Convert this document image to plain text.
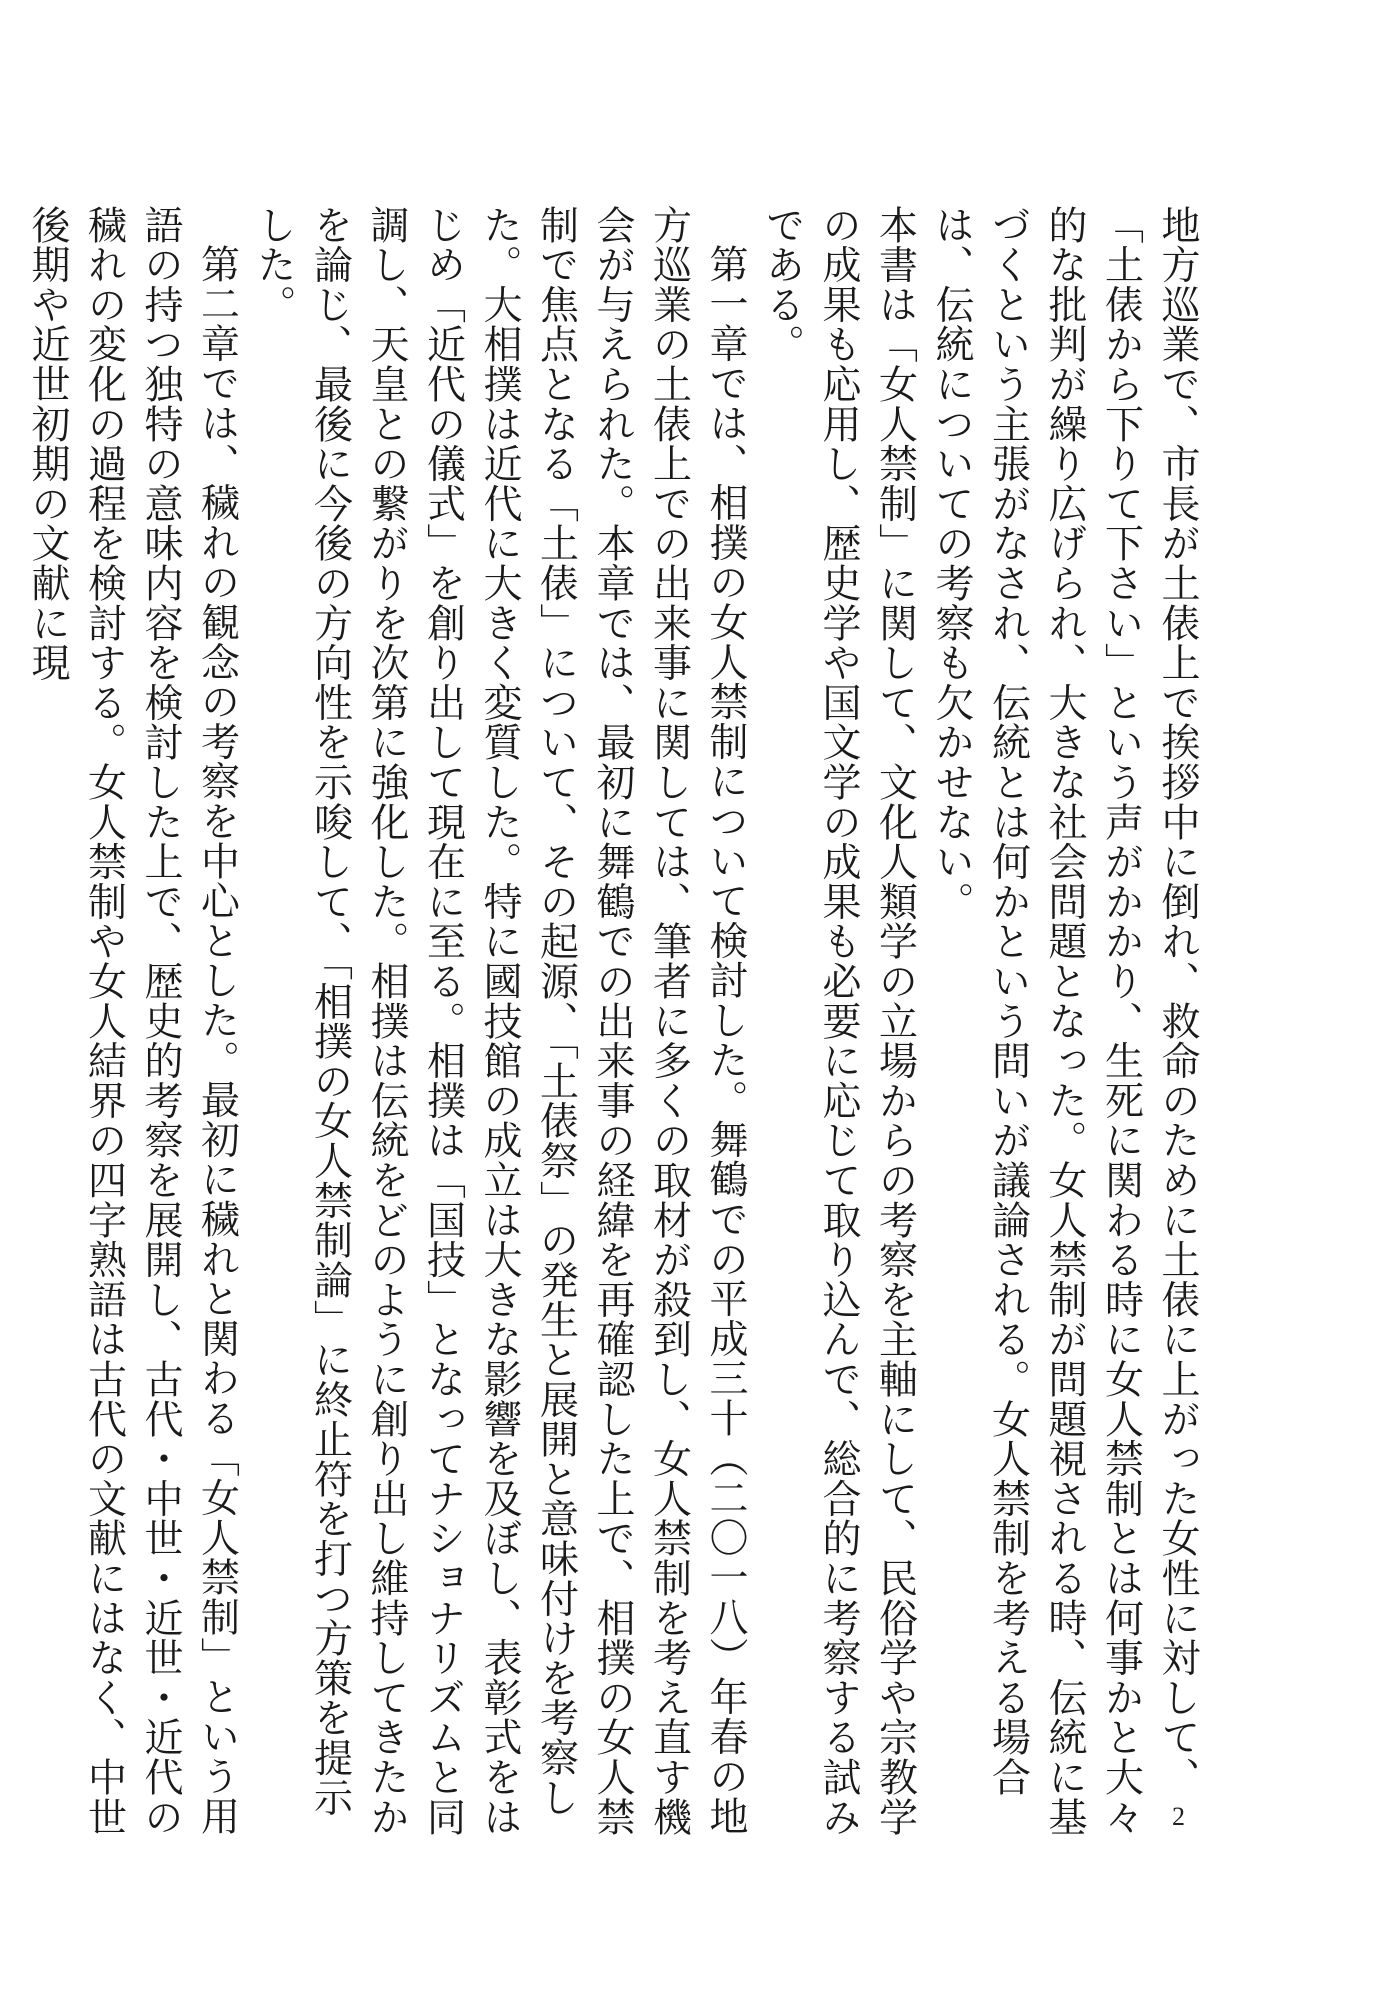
地方巡業で、市長が土俵上で挨拶中に倒れ、救命のために土俵に上がった女性に対して、「土俵から下りて下さい」という声がかかり、生死に関わる時に女人禁制とは何事かと大々的な批判が繰り広げられ、大きな社会問題となった。女人禁制が問題視される時、伝統に基づくという主張がなされ、伝統とは何かという問いが議論される。女人禁制を考える場合は、伝統についての考察も欠かせない。

本書は「女人禁制」に関して、文化人類学の立場からの考察を主軸にして、民俗学や宗教学の成果も応用し、歴史学や国文学の成果も必要に応じて取り込んで、総合的に考察する試みである。

第一章では、相撲の女人禁制について検討した。舞鶴での平成三十（二〇一八）年春の地方巡業の土俵上での出来事に関しては、筆者に多くの取材が殺到し、女人禁制を考え直す機会が与えられた。本章では、最初に舞鶴での出来事の経緯を再確認した上で、相撲の女人禁制で焦点となる「土俵」について、その起源、「土俵祭」の発生と展開と意味付けを考察した。大相撲は近代に大きく変質した。特に國技館の成立は大きな影響を及ぼし、表彰式をはじめ「近代の儀式」を創り出して現在に至る。相撲は「国技」となってナショナリズムと同調し、天皇との繋がりを次第に強化した。相撲は伝統をどのように創り出し維持してきたかを論じ、最後に今後の方向性を示唆して、「相撲の女人禁制論」に終止符を打つ方策を提示した。

第二章では、穢れの観念の考察を中心とした。最初に穢れと関わる「女人禁制」という用語の持つ独特の意味内容を検討した上で、歴史的考察を展開し、古代・中世・近世・近代の穢れの変化の過程を検討する。女人禁制や女人結界の四字熟語は古代の文献にはなく、中世後期や近世初期の文献に現

2
